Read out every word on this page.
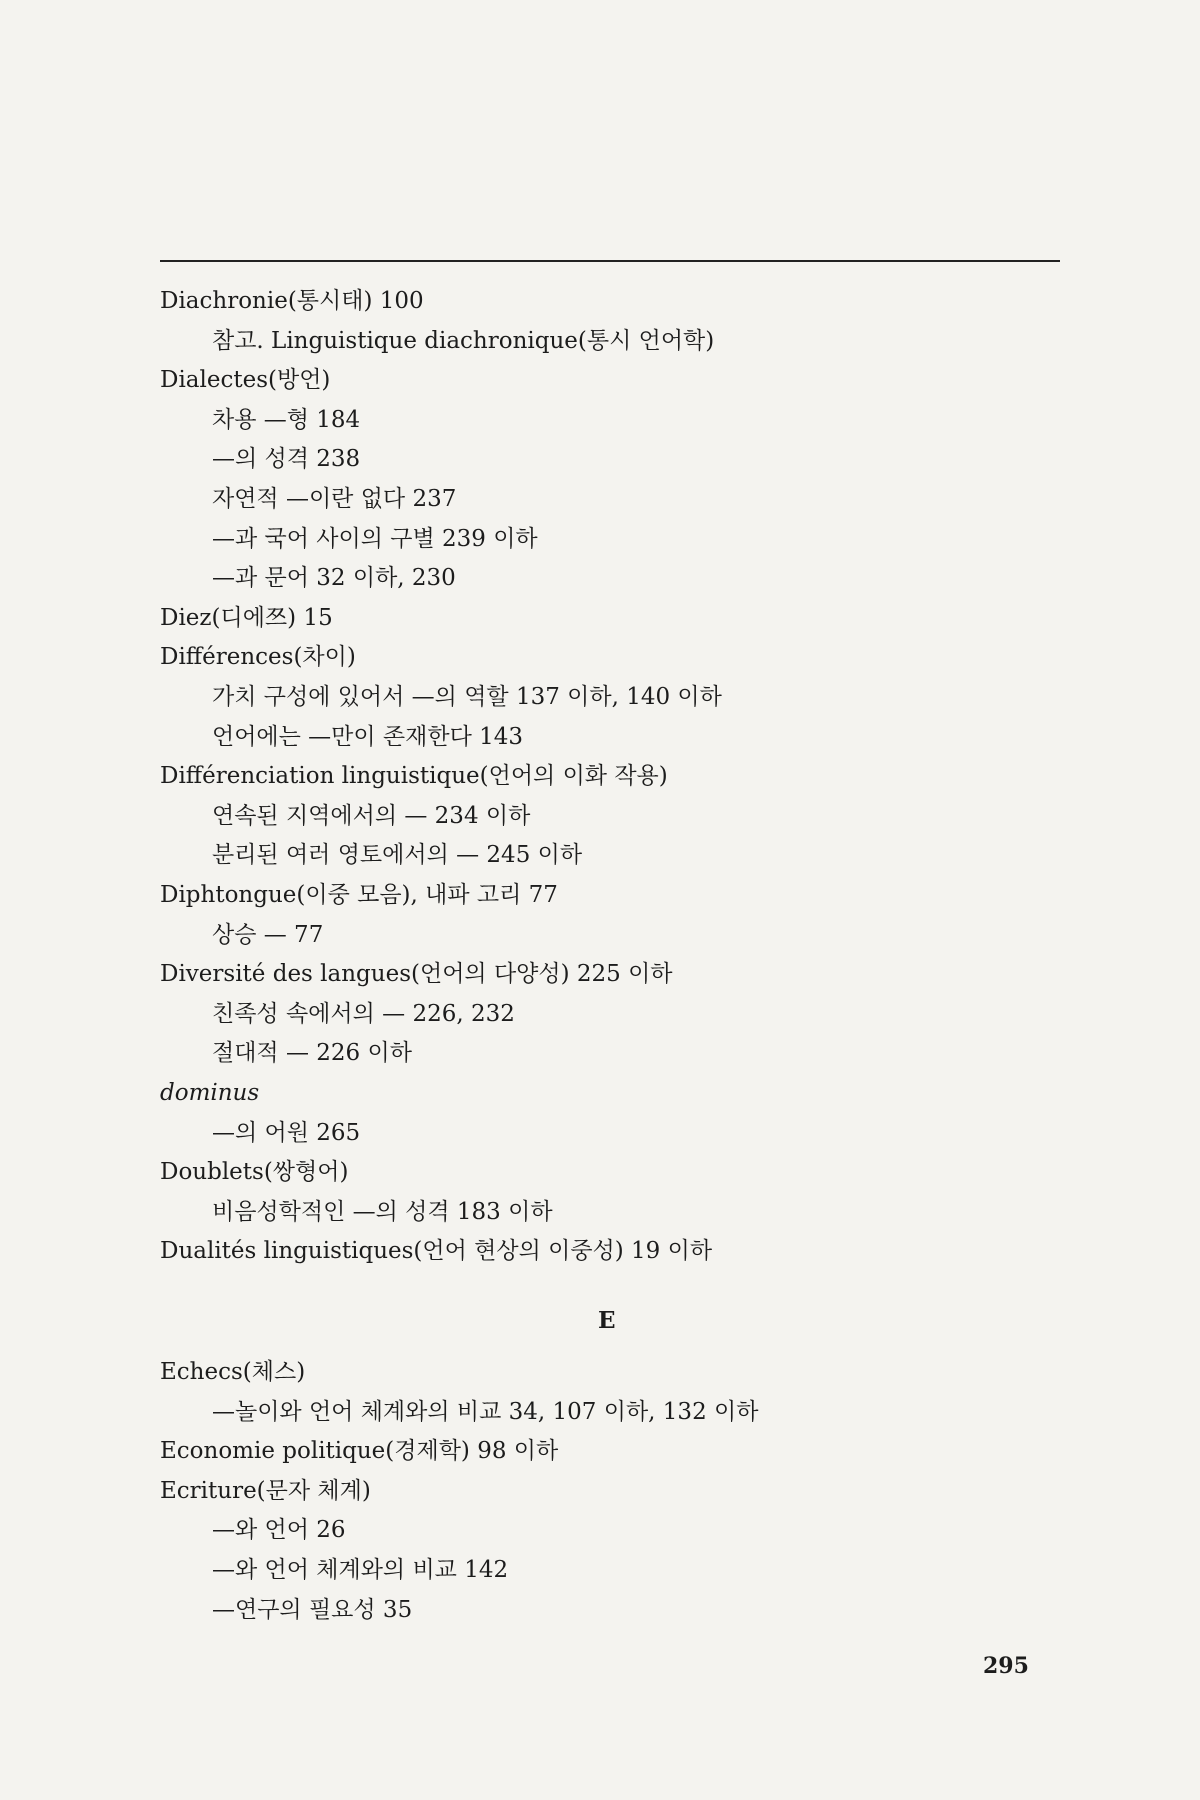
Diachronie(통시태) 100
참고. Linguistique diachronique(통시 언어학)
Dialectes(방언)
차용 —형 184
—의 성격 238
자연적 —이란 없다 237
—과 국어 사이의 구별 239 이하
—과 문어 32 이하, 230
Diez(디에쯔) 15
Différences(차이)
가치 구성에 있어서 —의 역할 137 이하, 140 이하
언어에는 —만이 존재한다 143
Différenciation linguistique(언어의 이화 작용)
연속된 지역에서의 — 234 이하
분리된 여러 영토에서의 — 245 이하
Diphtongue(이중 모음), 내파 고리 77
상승 — 77
Diversité des langues(언어의 다양성) 225 이하
친족성 속에서의 — 226, 232
절대적 — 226 이하
dominus
—의 어원 265
Doublets(쌍형어)
비음성학적인 —의 성격 183 이하
Dualités linguistiques(언어 현상의 이중성) 19 이하
Echecs(체스)
—놀이와 언어 체계와의 비교 34, 107 이하, 132 이하
Economie politique(경제학) 98 이하
Ecriture(문자 체계)
—와 언어 26
—와 언어 체계와의 비교 142
—연구의 필요성 35
E
295
